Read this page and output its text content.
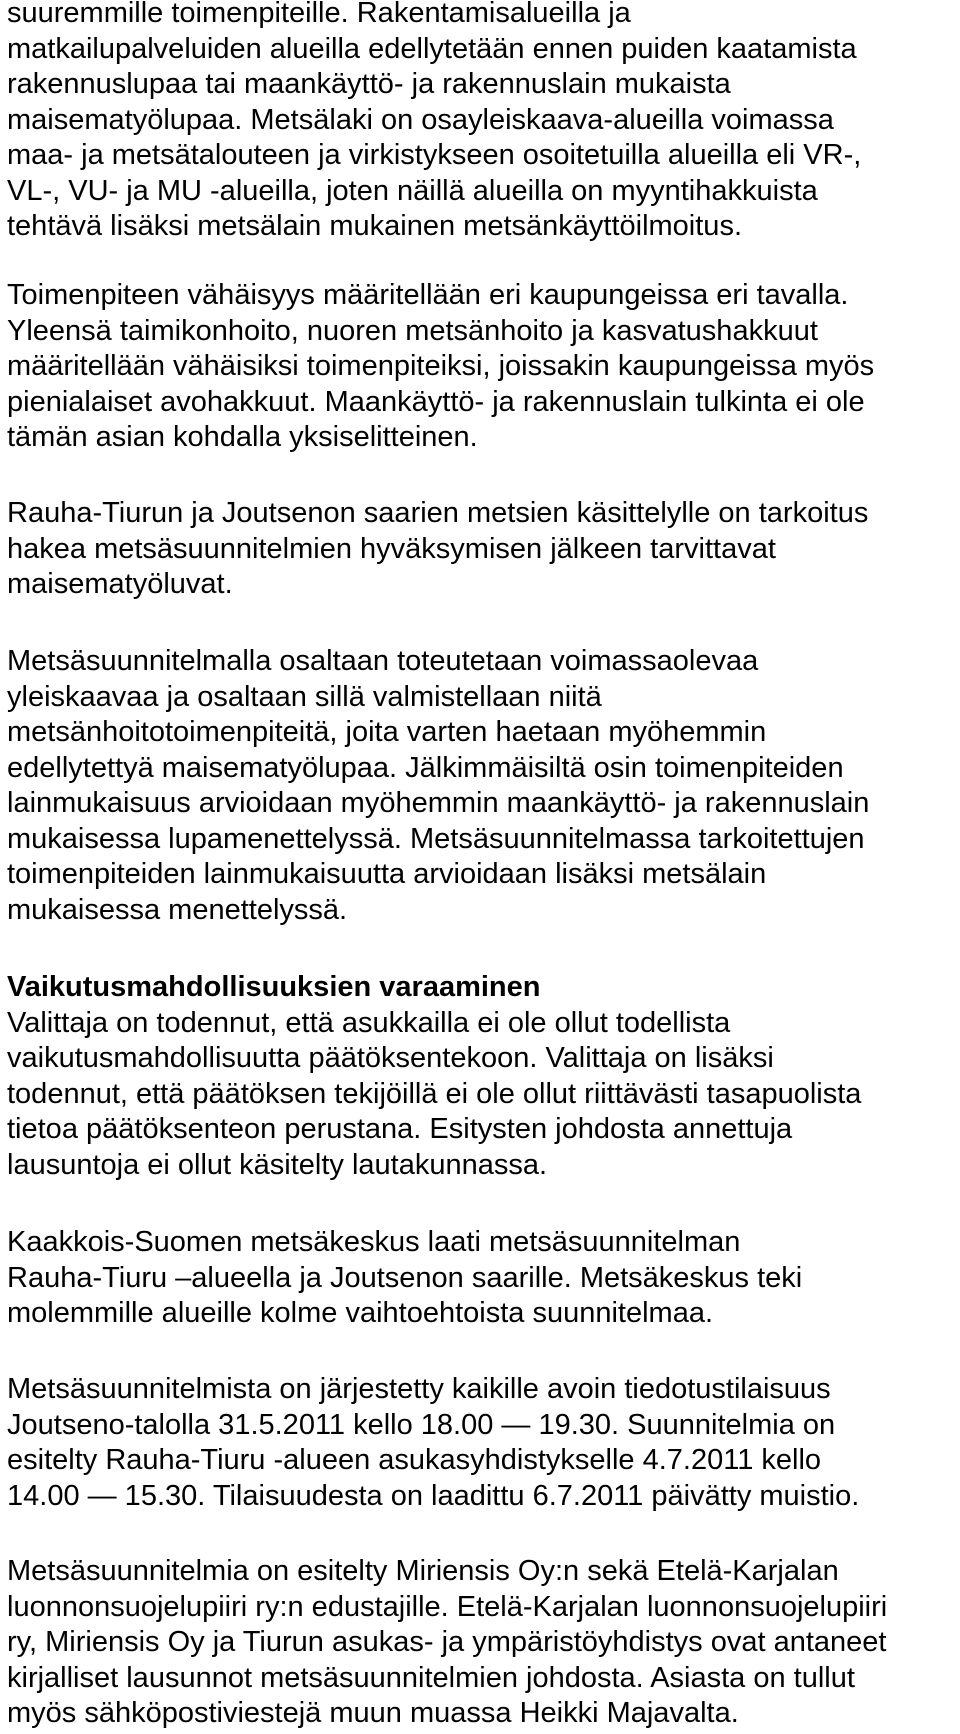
suuremmille toimenpiteille. Rakentamisalueilla ja
matkailupalveluiden alueilla edellytetään ennen puiden kaatamista
rakennuslupaa tai maankäyttö- ja rakennuslain mukaista
maisematyölupaa. Metsälaki on osayleiskaava-alueilla voimassa
maa- ja metsätalouteen ja virkistykseen osoitetuilla alueilla eli VR-,
VL-, VU- ja MU -alueilla, joten näillä alueilla on myyntihakkuista
tehtävä lisäksi metsälain mukainen metsänkäyttöilmoitus.
Toimenpiteen vähäisyys määritellään eri kaupungeissa eri tavalla.
Yleensä taimikonhoito, nuoren metsänhoito ja kasvatushakkuut
määritellään vähäisiksi toimenpiteiksi, joissakin kaupungeissa myös
pienialaiset avohakkuut. Maankäyttö- ja rakennuslain tulkinta ei ole
tämän asian kohdalla yksiselitteinen.
Rauha-Tiurun ja Joutsenon saarien metsien käsittelylle on tarkoitus
hakea metsäsuunnitelmien hyväksymisen jälkeen tarvittavat
maisematyöluvat.
Metsäsuunnitelmalla osaltaan toteutetaan voimassaolevaa
yleiskaavaa ja osaltaan sillä valmistellaan niitä
metsänhoitotoimenpiteitä, joita varten haetaan myöhemmin
edellytettyä maisematyölupaa. Jälkimmäisiltä osin toimenpiteiden
lainmukaisuus arvioidaan myöhemmin maankäyttö- ja rakennuslain
mukaisessa lupamenettelyssä. Metsäsuunnitelmassa tarkoitettujen
toimenpiteiden lainmukaisuutta arvioidaan lisäksi metsälain
mukaisessa menettelyssä.
Vaikutusmahdollisuuksien varaaminen
Valittaja on todennut, että asukkailla ei ole ollut todellista
vaikutusmahdollisuutta päätöksentekoon. Valittaja on lisäksi
todennut, että päätöksen tekijöillä ei ole ollut riittävästi tasapuolista
tietoa päätöksenteon perustana. Esitysten johdosta annettuja
lausuntoja ei ollut käsitelty lautakunnassa.
Kaakkois-Suomen metsäkeskus laati metsäsuunnitelman
Rauha-Tiuru –alueella ja Joutsenon saarille. Metsäkeskus teki
molemmille alueille kolme vaihtoehtoista suunnitelmaa.
Metsäsuunnitelmista on järjestetty kaikille avoin tiedotustilaisuus
Joutseno-talolla 31.5.2011 kello 18.00 — 19.30. Suunnitelmia on
esitelty Rauha-Tiuru -alueen asukasyhdistykselle 4.7.2011 kello
14.00 — 15.30. Tilaisuudesta on laadittu 6.7.2011 päivätty muistio.
Metsäsuunnitelmia on esitelty Miriensis Oy:n sekä Etelä-Karjalan
luonnonsuojelupiiri ry:n edustajille. Etelä-Karjalan luonnonsuojelupiiri
ry, Miriensis Oy ja Tiurun asukas- ja ympäristöyhdistys ovat antaneet
kirjalliset lausunnot metsäsuunnitelmien johdosta. Asiasta on tullut
myös sähköpostiviestejä muun muassa Heikki Majavalta.
